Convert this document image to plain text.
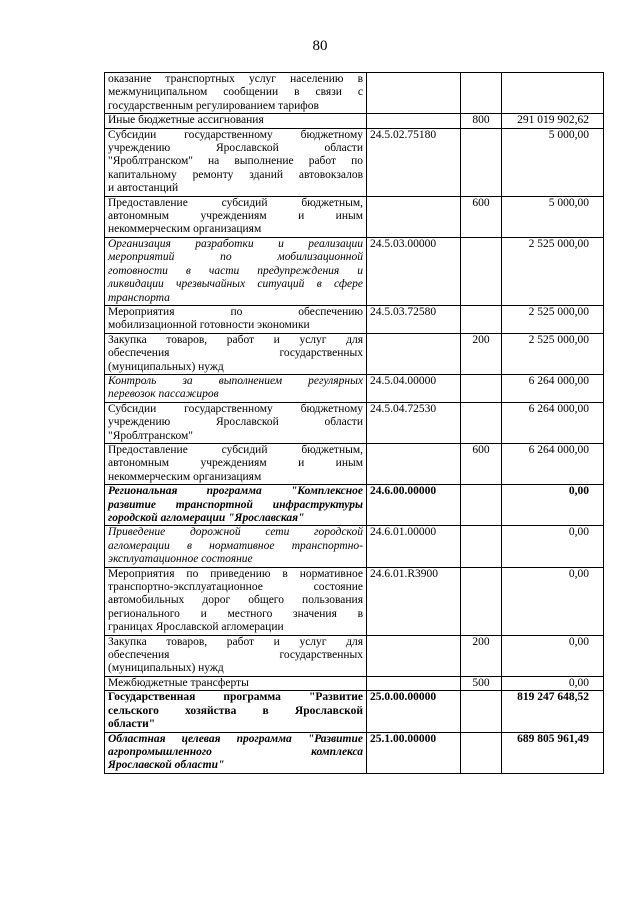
80
оказание транспортных услуг населению в
межмуниципальном сообщении в связи с
государственным регулированием тарифов			

Иные бюджетные ассигнования		800	291 019 902,62

Субсидии государственному бюджетному
учреждению Ярославской области
"Яроблтранском" на выполнение работ по
капитальному ремонту зданий автовокзалов
и автостанций	24.5.02.75180		5 000,00

Предоставление субсидий бюджетным,
автономным учреждениям и иным
некоммерческим организациям		600	5 000,00

Организация разработки и реализации
мероприятий по мобилизационной
готовности в части предупреждения и
ликвидации чрезвычайных ситуаций в сфере
транспорта	24.5.03.00000		2 525 000,00

Мероприятия по обеспечению
мобилизационной готовности экономики	24.5.03.72580		2 525 000,00

Закупка товаров, работ и услуг для
обеспечения государственных
(муниципальных) нужд		200	2 525 000,00

Контроль за выполнением регулярных
перевозок пассажиров	24.5.04.00000		6 264 000,00

Субсидии государственному бюджетному
учреждению Ярославской области
"Яроблтранском"	24.5.04.72530		6 264 000,00

Предоставление субсидий бюджетным,
автономным учреждениям и иным
некоммерческим организациям		600	6 264 000,00

Региональная программа "Комплексное
развитие транспортной инфраструктуры
городской агломерации "Ярославская"	24.6.00.00000		0,00

Приведение дорожной сети городской
агломерации в нормативное транспортно-
эксплуатационное состояние	24.6.01.00000		0,00

Мероприятия по приведению в нормативное
транспортно-эксплуатационное состояние
автомобильных дорог общего пользования
регионального и местного значения в
границах Ярославской агломерации	24.6.01.R3900		0,00

Закупка товаров, работ и услуг для
обеспечения государственных
(муниципальных) нужд		200	0,00

Межбюджетные трансферты		500	0,00

Государственная программа "Развитие
сельского хозяйства в Ярославской
области"	25.0.00.00000		819 247 648,52

Областная целевая программа "Развитие
агропромышленного комплекса
Ярославской области"	25.1.00.00000		689 805 961,49
